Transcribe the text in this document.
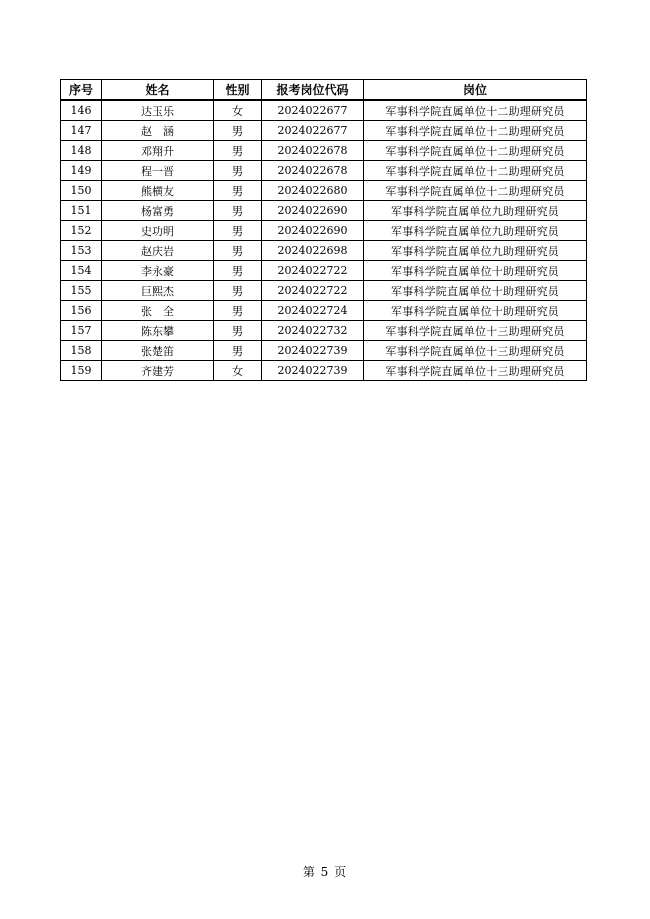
序号	姓名	性别	报考岗位代码	岗位
146	达玉乐	女	2024022677	军事科学院直属单位十二助理研究员
147	赵　涵	男	2024022677	军事科学院直属单位十二助理研究员
148	邓翔升	男	2024022678	军事科学院直属单位十二助理研究员
149	程一晋	男	2024022678	军事科学院直属单位十二助理研究员
150	熊横友	男	2024022680	军事科学院直属单位十二助理研究员
151	杨富勇	男	2024022690	军事科学院直属单位九助理研究员
152	史功明	男	2024022690	军事科学院直属单位九助理研究员
153	赵庆岩	男	2024022698	军事科学院直属单位九助理研究员
154	李永豪	男	2024022722	军事科学院直属单位十助理研究员
155	巨熙杰	男	2024022722	军事科学院直属单位十助理研究员
156	张　全	男	2024022724	军事科学院直属单位十助理研究员
157	陈东攀	男	2024022732	军事科学院直属单位十三助理研究员
158	张楚笛	男	2024022739	军事科学院直属单位十三助理研究员
159	齐建芳	女	2024022739	军事科学院直属单位十三助理研究员
第 5 页
